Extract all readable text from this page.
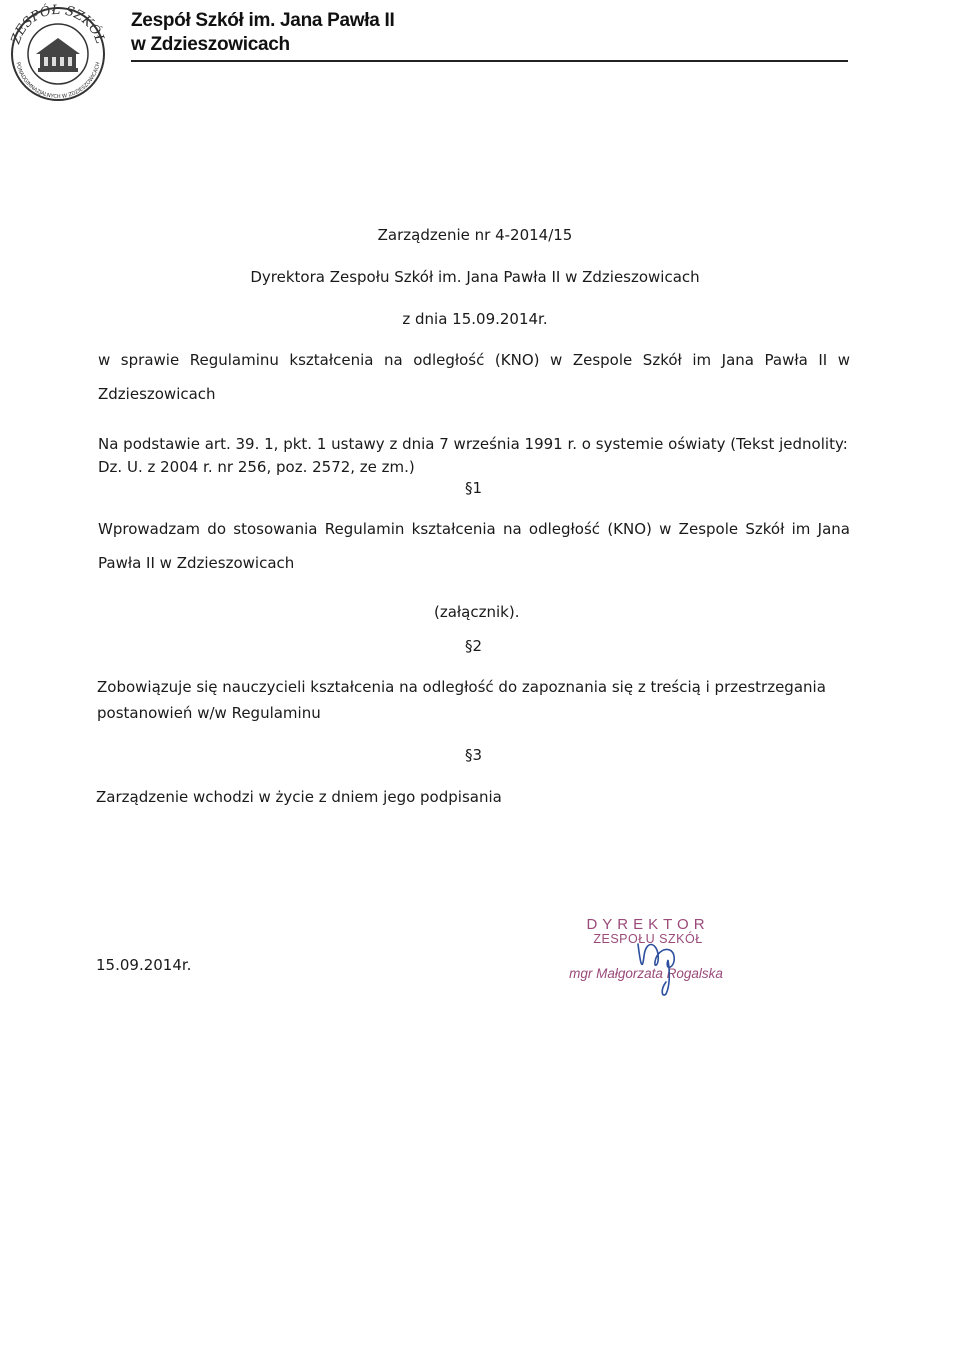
ZESPÓŁ SZKÓŁ
PONADGIMNAZJALNYCH W ZDZIESZOWICACH
Zespół Szkół im. Jana Pawła II
w Zdzieszowicach
Zarządzenie nr 4-2014/15
Dyrektora Zespołu Szkół im. Jana Pawła II w Zdzieszowicach
z dnia 15.09.2014r.
w sprawie Regulaminu kształcenia na odległość (KNO) w Zespole Szkół im Jana Pawła II w
Zdzieszowicach
Na podstawie art. 39. 1, pkt. 1 ustawy z dnia 7 września 1991 r. o systemie oświaty (Tekst jednolity:
Dz. U. z 2004 r. nr 256, poz. 2572, ze zm.)
§1
Wprowadzam do stosowania Regulamin kształcenia na odległość (KNO) w Zespole Szkół im Jana
Pawła II w Zdzieszowicach
(załącznik).
§2
Zobowiązuje się nauczycieli kształcenia na odległość do zapoznania się z treścią i przestrzegania
postanowień w/w Regulaminu
§3
Zarządzenie wchodzi w życie z dniem jego podpisania
15.09.2014r.
DYREKTOR
ZESPOŁU SZKÓŁ
mgr Małgorzata Rogalska
